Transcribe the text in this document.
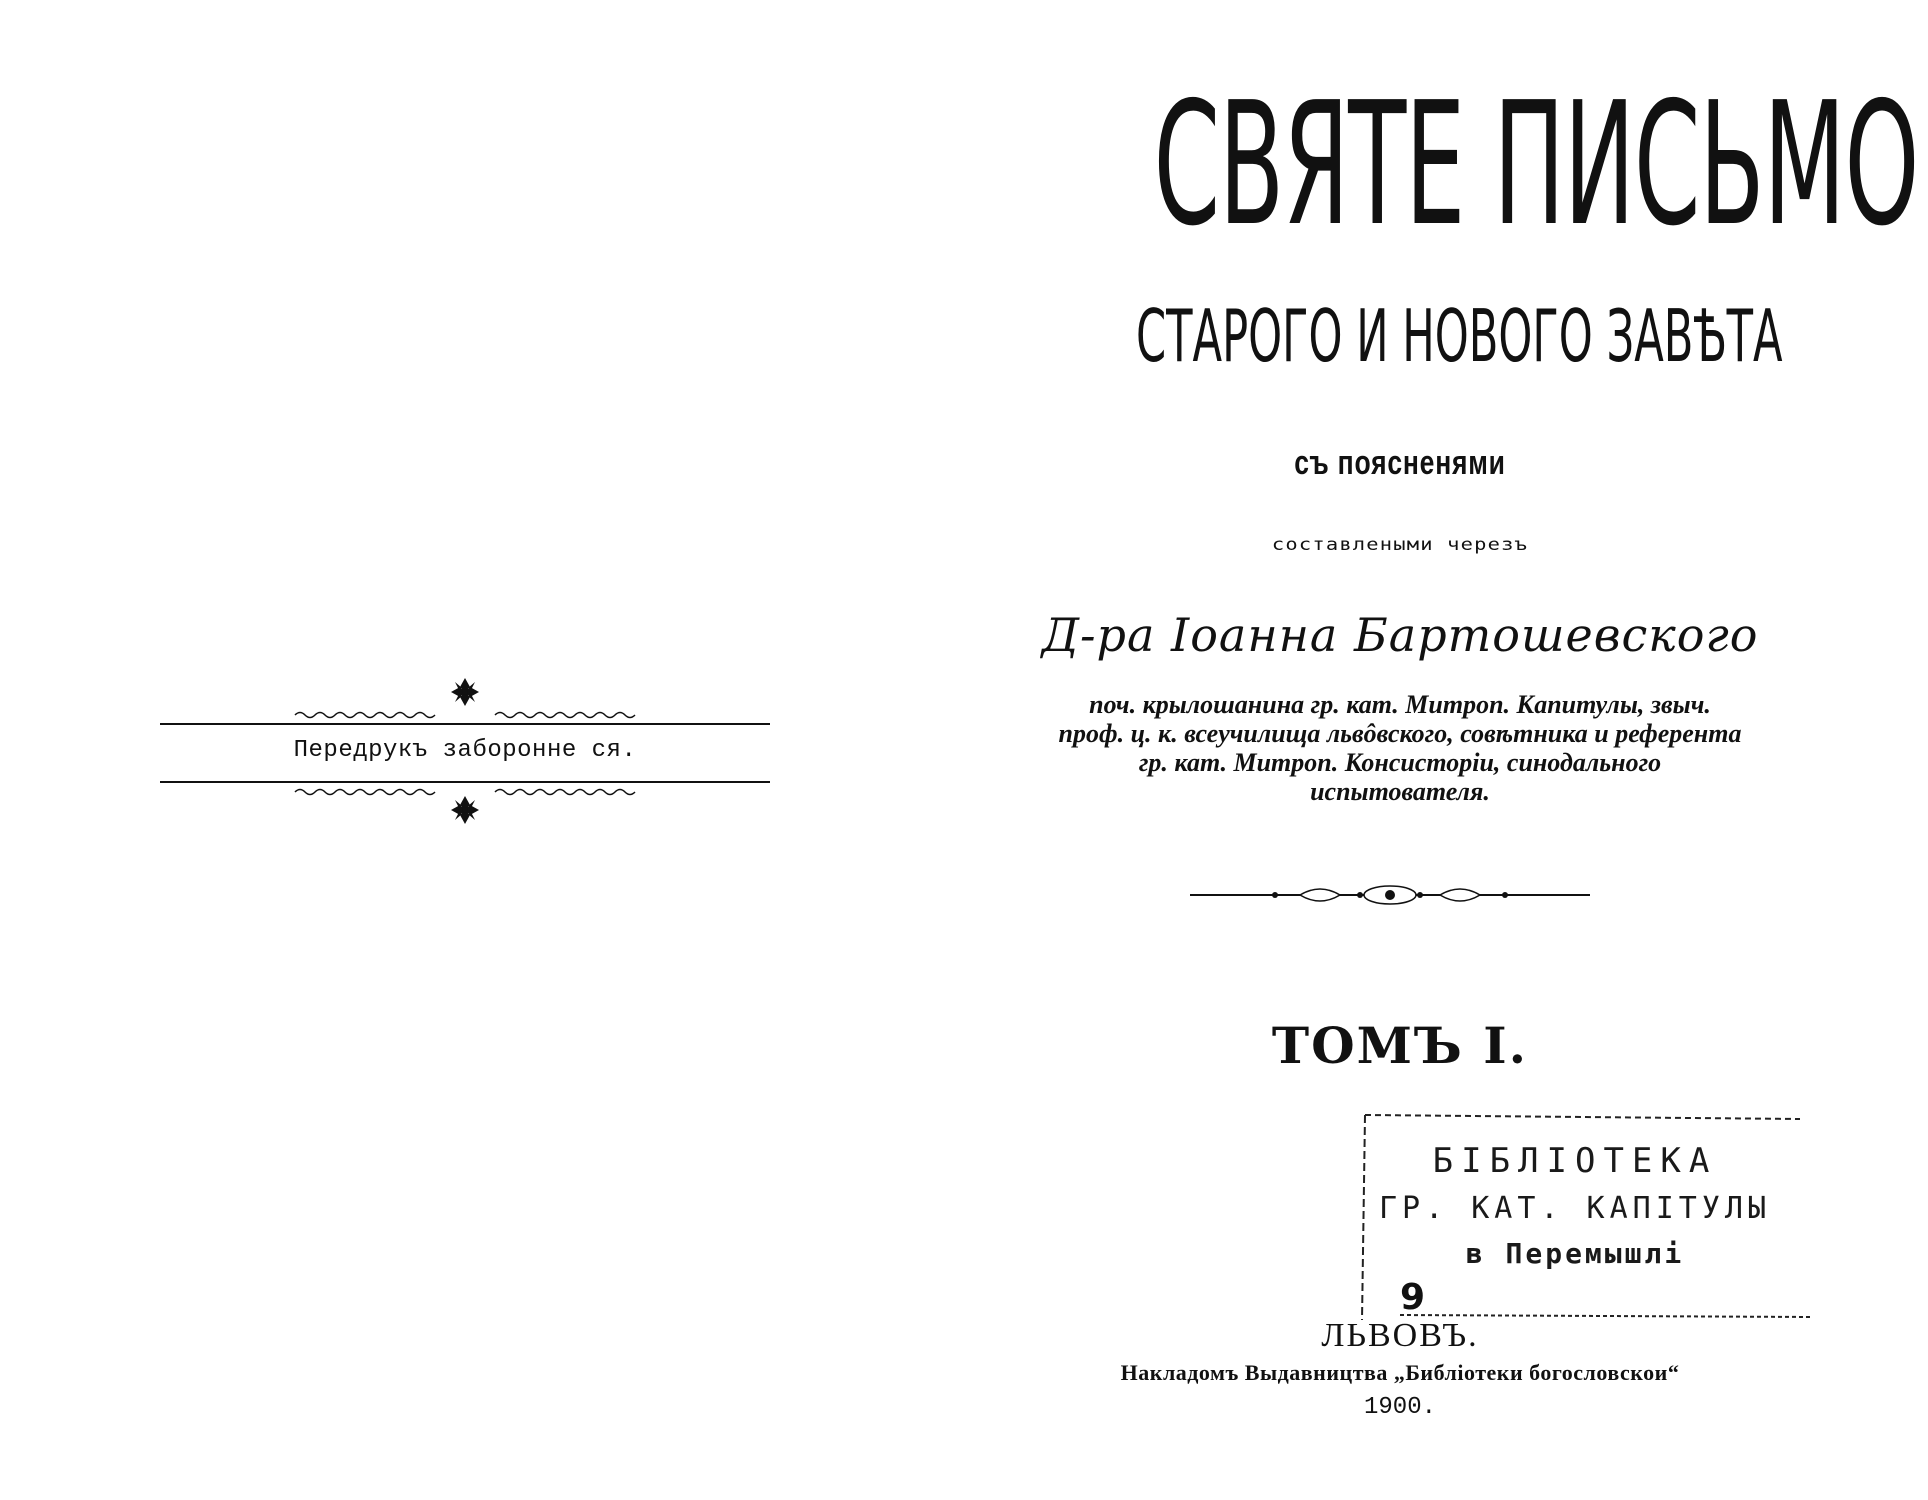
Передрукъ заборонне ся.
СВЯТЕ ПИСЬМО
СТАРОГО И НОВОГО ЗАВѢТА
съ поясненями
составлеными черезъ
Д-ра Іоанна Бартошевского
поч. крылошанина гр. кат. Митроп. Капитулы, звыч.
проф. ц. к. всеучилища львôвского, совѣтника и референта
гр. кат. Митроп. Консисторіи, синодального
испытователя.
ТОМЪ І.
БІБЛІОТЕКА
ГР. КАТ. КАПІТУЛЫ
в Перемышлі
9
ЛЬВОВЪ.
Накладомъ Выдавництва „Библіотеки богословскои“
1900.
